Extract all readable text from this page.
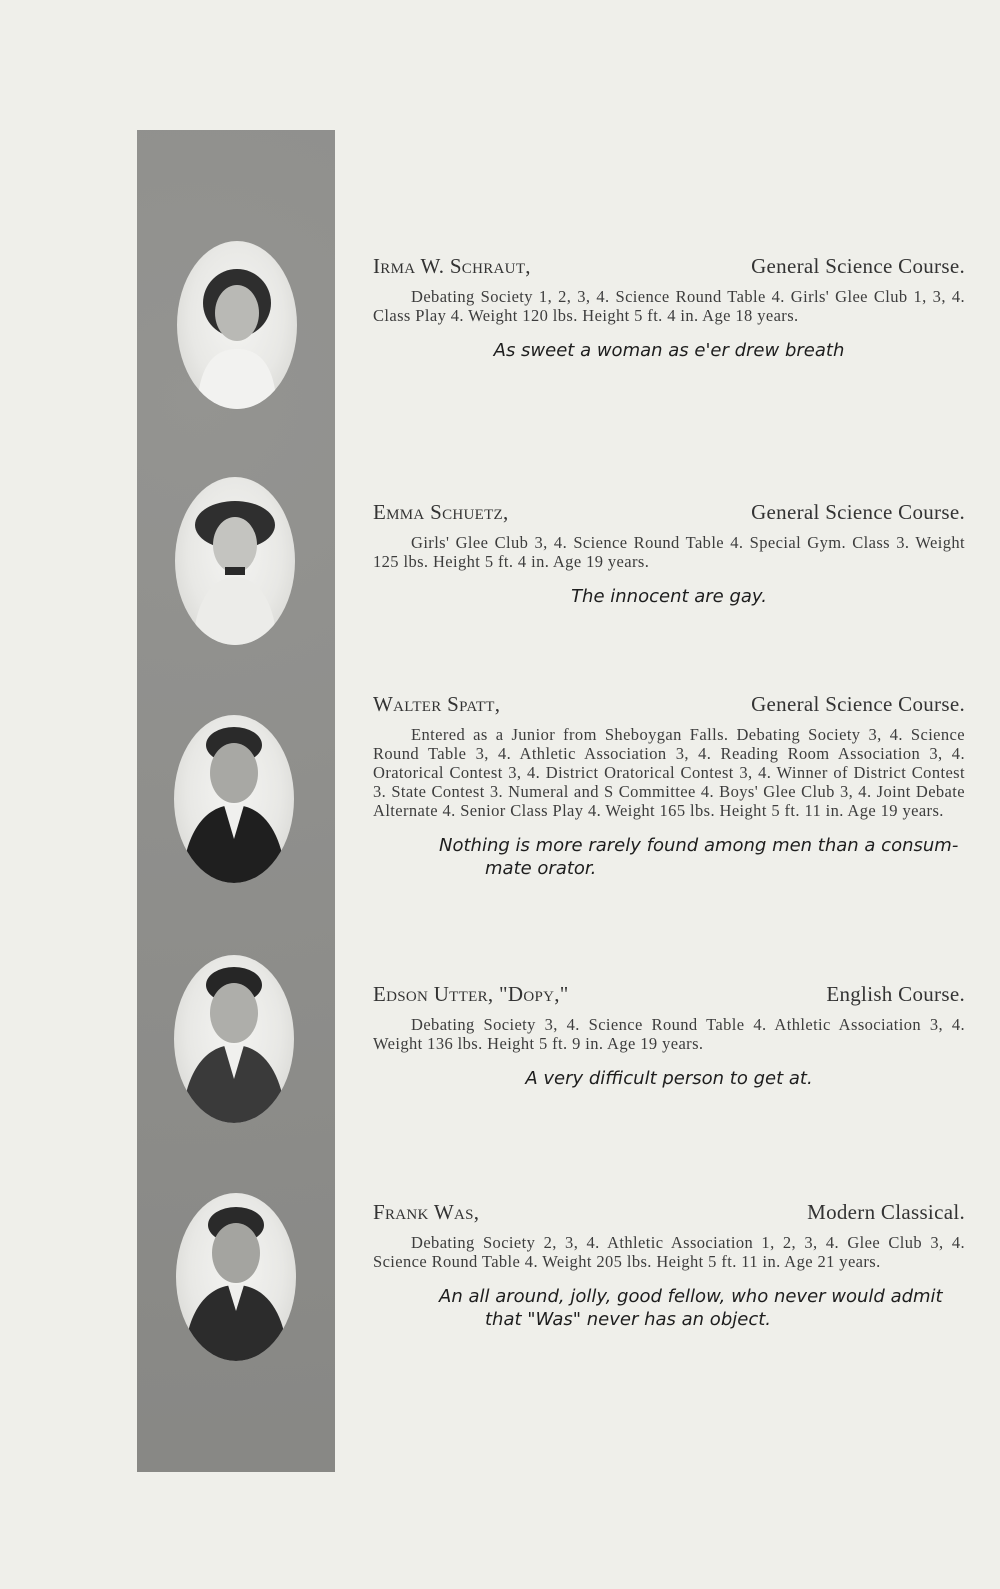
Irma W. Schraut,	General Science Course.
Debating Society 1, 2, 3, 4. Science Round Table 4. Girls' Glee Club 1, 3, 4. Class Play 4. Weight 120 lbs. Height 5 ft. 4 in. Age 18 years.
As sweet a woman as e'er drew breath
Emma Schuetz,	General Science Course.
Girls' Glee Club 3, 4. Science Round Table 4. Special Gym. Class 3. Weight 125 lbs. Height 5 ft. 4 in. Age 19 years.
The innocent are gay.
Walter Spatt,	General Science Course.
Entered as a Junior from Sheboygan Falls. Debating Society 3, 4. Science Round Table 3, 4. Athletic Association 3, 4. Reading Room Association 3, 4. Oratorical Contest 3, 4. District Oratorical Contest 3, 4. Winner of District Contest 3. State Contest 3. Numeral and S Committee 4. Boys' Glee Club 3, 4. Joint Debate Alternate 4. Senior Class Play 4. Weight 165 lbs. Height 5 ft. 11 in. Age 19 years.
Nothing is more rarely found among men than a consum-
mate orator.
Edson Utter, "Dopy,"	English Course.
Debating Society 3, 4. Science Round Table 4. Athletic Association 3, 4. Weight 136 lbs. Height 5 ft. 9 in. Age 19 years.
A very difficult person to get at.
Frank Was,	Modern Classical.
Debating Society 2, 3, 4. Athletic Association 1, 2, 3, 4. Glee Club 3, 4. Science Round Table 4. Weight 205 lbs. Height 5 ft. 11 in. Age 21 years.
An all around, jolly, good fellow, who never would admit
that "Was" never has an object.
